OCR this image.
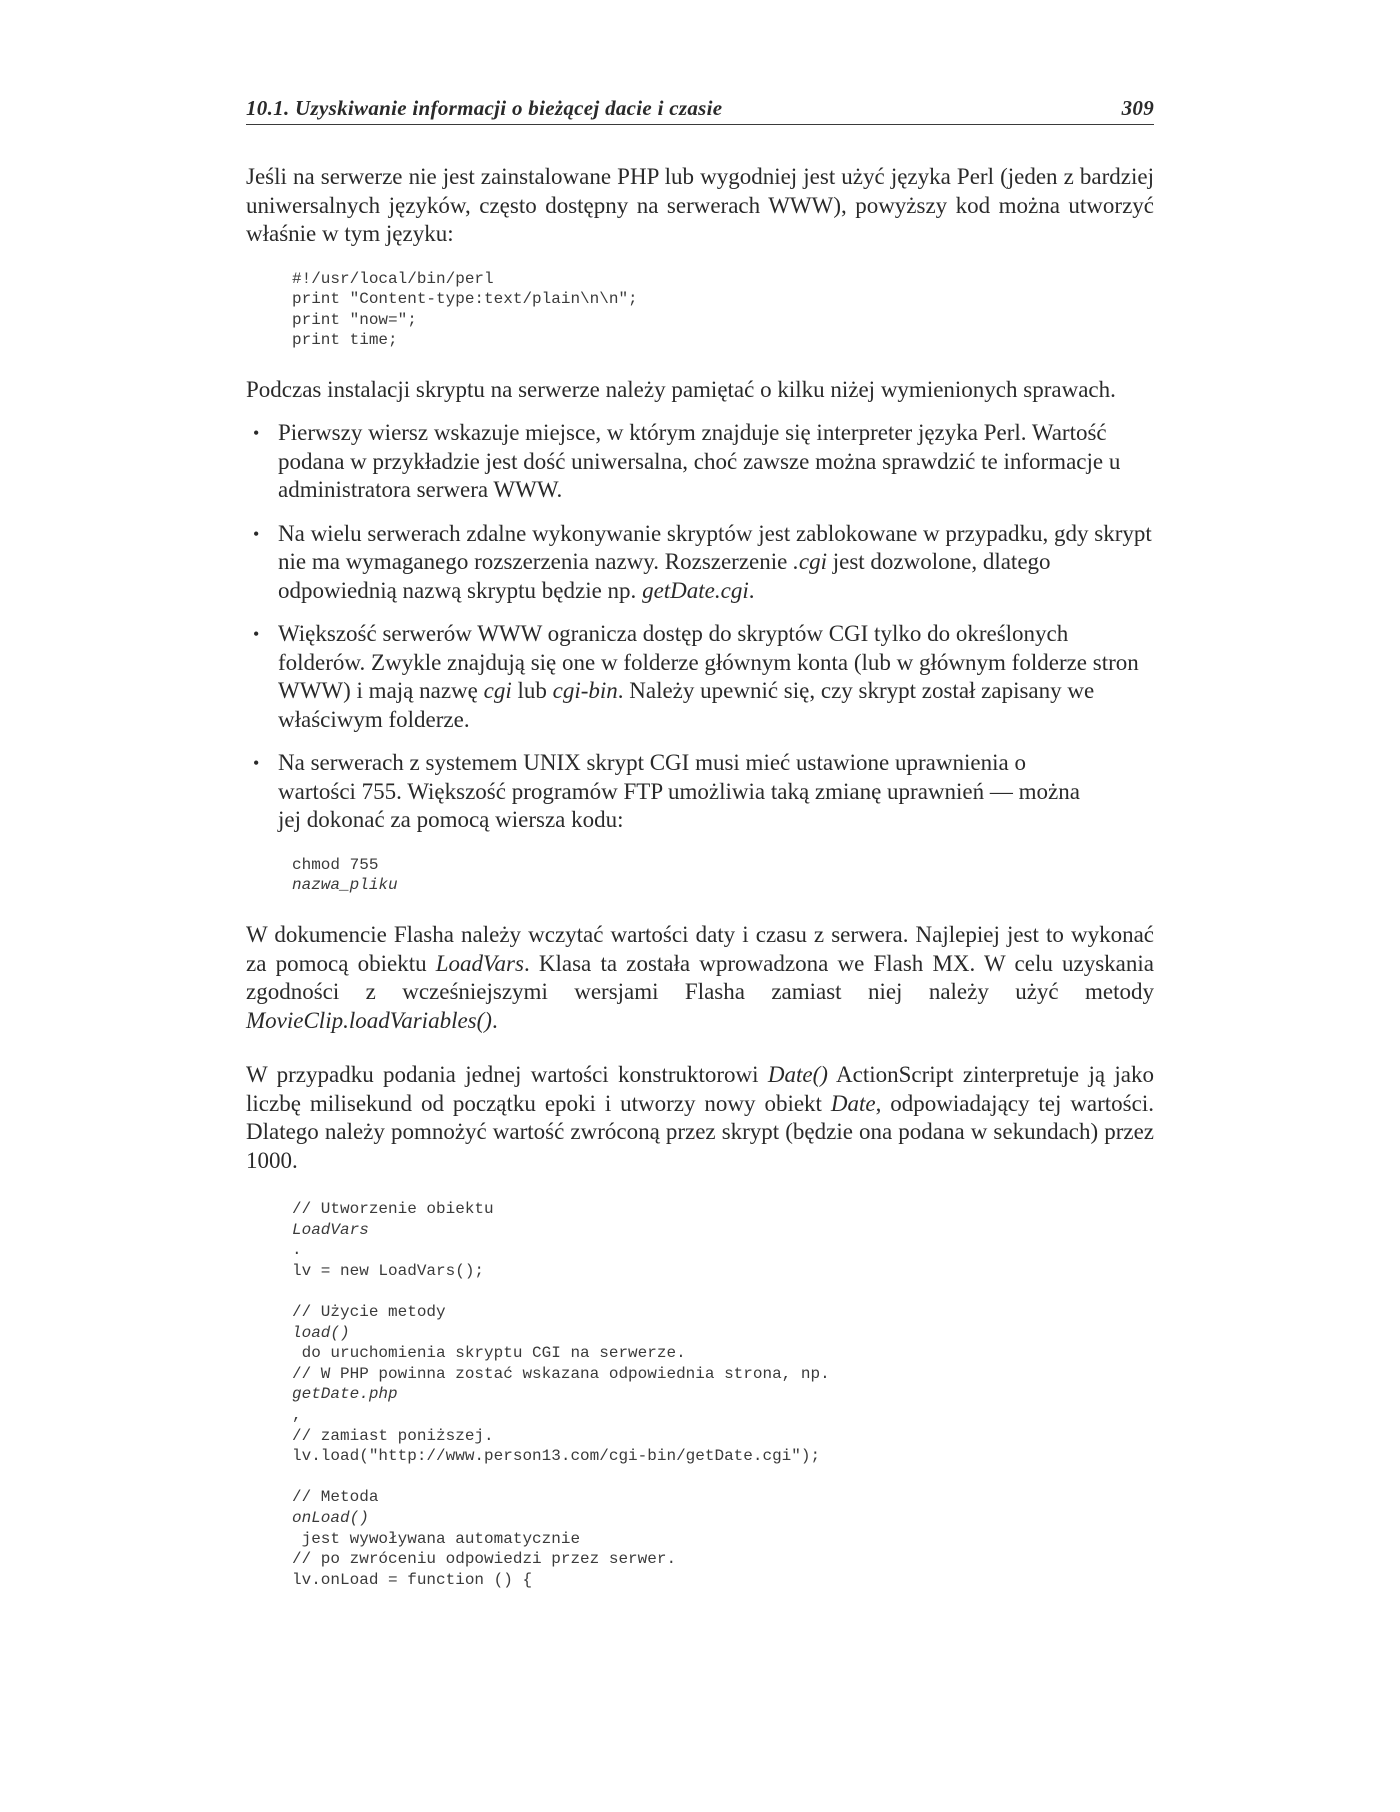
10.1. Uzyskiwanie informacji o bieżącej dacie i czasie	309

Jeśli na serwerze nie jest zainstalowane PHP lub wygodniej jest użyć języka Perl (jeden z bardziej uniwersalnych języków, często dostępny na serwerach WWW), powyższy kod można utworzyć właśnie w tym języku:

#!/usr/local/bin/perl
print "Content-type:text/plain\n\n";
print "now=";
print time;

Podczas instalacji skryptu na serwerze należy pamiętać o kilku niżej wymienionych sprawach.

• Pierwszy wiersz wskazuje miejsce, w którym znajduje się interpreter języka Perl. Wartość podana w przykładzie jest dość uniwersalna, choć zawsze można sprawdzić te informacje u administratora serwera WWW.

• Na wielu serwerach zdalne wykonywanie skryptów jest zablokowane w przypadku, gdy skrypt nie ma wymaganego rozszerzenia nazwy. Rozszerzenie .cgi jest dozwolone, dlatego odpowiednią nazwą skryptu będzie np. getDate.cgi.

• Większość serwerów WWW ogranicza dostęp do skryptów CGI tylko do określonych folderów. Zwykle znajdują się one w folderze głównym konta (lub w głównym folderze stron WWW) i mają nazwę cgi lub cgi-bin. Należy upewnić się, czy skrypt został zapisany we właściwym folderze.

• Na serwerach z systemem UNIX skrypt CGI musi mieć ustawione uprawnienia o wartości 755. Większość programów FTP umożliwia taką zmianę uprawnień — można jej dokonać za pomocą wiersza kodu:

chmod 755
nazwa_pliku

W dokumencie Flasha należy wczytać wartości daty i czasu z serwera. Najlepiej jest to wykonać za pomocą obiektu LoadVars. Klasa ta została wprowadzona we Flash MX. W celu uzyskania zgodności z wcześniejszymi wersjami Flasha zamiast niej należy użyć metody MovieClip.loadVariables().

W przypadku podania jednej wartości konstruktorowi Date() ActionScript zinterpretuje ją jako liczbę milisekund od początku epoki i utworzy nowy obiekt Date, odpowiadający tej wartości. Dlatego należy pomnożyć wartość zwróconą przez skrypt (będzie ona podana w sekundach) przez 1000.

// Utworzenie obiektu
LoadVars
.
lv = new LoadVars();
// Użycie metody
load()
do uruchomienia skryptu CGI na serwerze.
// W PHP powinna zostać wskazana odpowiednia strona, np.
getDate.php
,
// zamiast poniższej.
lv.load("http://www.person13.com/cgi-bin/getDate.cgi");
// Metoda
onLoad()
jest wywoływana automatycznie
// po zwróceniu odpowiedzi przez serwer.
lv.onLoad = function () {
